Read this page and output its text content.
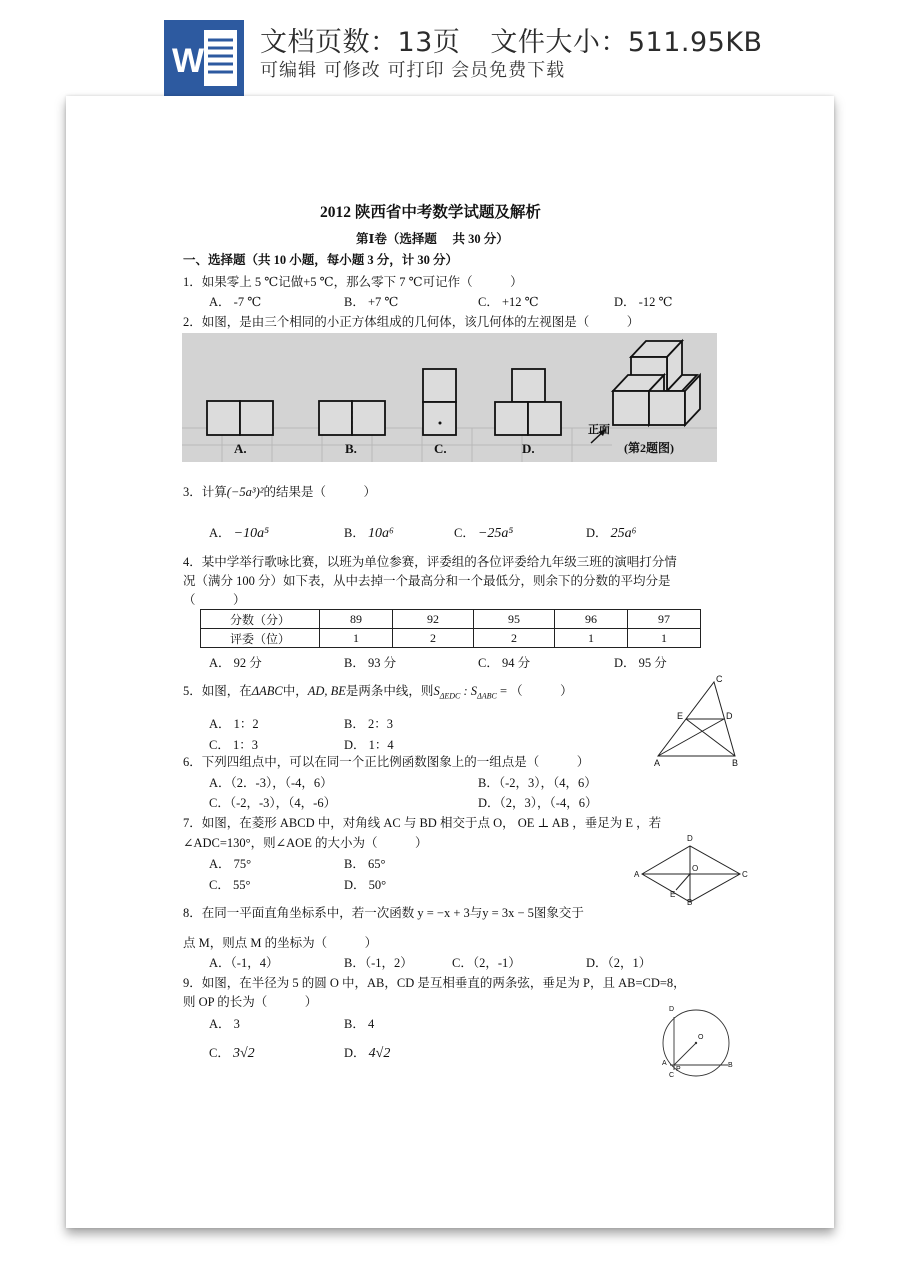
W 文档页数：13页 文件大小：511.95KB
可编辑 可修改 可打印 会员免费下载
2012 陕西省中考数学试题及解析
第Ⅰ卷（选择题　 共 30 分）
一、选择题（共 10 小题，每小题 3 分，计 30 分）
1．如果零上 5 ℃记做+5 ℃，那么零下 7 ℃可记作（　　　）
A． -7 ℃	B． +7 ℃	C． +12 ℃	D． -12 ℃
2．如图，是由三个相同的小正方体组成的几何体，该几何体的左视图是（　　　）
A.	B.	C.	D.
正面
(第2题图)
3．计算(−5a³)²的结果是（　　　）
A． −10a⁵	B． 10a⁶	C． −25a⁵	D． 25a⁶
4．某中学举行歌咏比赛，以班为单位参赛，评委组的各位评委给九年级三班的演唱打分情
况（满分 100 分）如下表，从中去掉一个最高分和一个最低分，则余下的分数的平均分是
（　　　）
分数（分）	89	92	95	96	97
评委（位）	1	2	2	1	1
A． 92 分	B． 93 分	C． 94 分	D． 95 分
5．如图，在ΔABC中，AD, BE是两条中线，则$S_{\Delta EDC}$ : $S_{\Delta ABC}$ = （　　　）
A． 1：2	B． 2：3
C． 1：3	D． 1：4
C
E	D
A	B
6．下列四组点中，可以在同一个正比例函数图象上的一组点是（　　　）
A．（2．-3），（-4，6）	B．（-2，3），（4，6）
C．（-2，-3），（4，-6）	D．（2，3），（-4，6）
7．如图，在菱形 ABCD 中，对角线 AC 与 BD 相交于点 O， OE ⊥ AB ，垂足为 E ，若
∠ADC=130°，则∠AOE 的大小为（　　　）
A． 75°	B． 65°
C． 55°	D． 50°
D
A
O
C
E
B
8．在同一平面直角坐标系中，若一次函数 y = −x + 3与y = 3x − 5图象交于
点 M，则点 M 的坐标为（　　　）
A．（-1，4）	B．（-1，2）	C．（2，-1）	D．（2，1）
9．如图，在半径为 5 的圆 O 中，AB，CD 是互相垂直的两条弦，垂足为 P，且 AB=CD=8，
则 OP 的长为（　　　）
A． 3	B． 4
C． 3√2	D． 4√2
D
O
A
P
C
B
